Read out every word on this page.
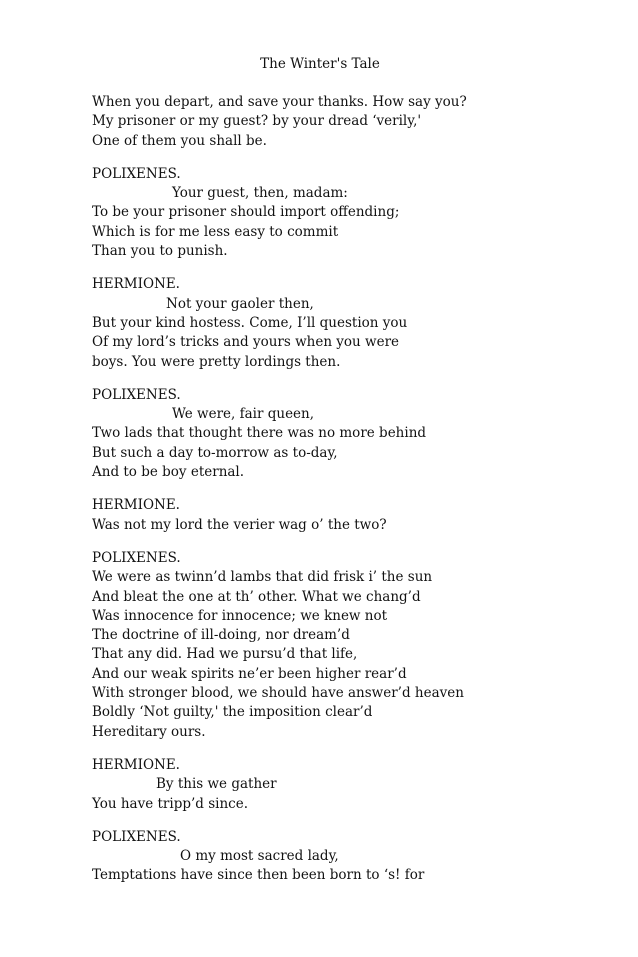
The Winter's Tale
When you depart, and save your thanks. How say you?
My prisoner or my guest? by your dread ‘verily,'
One of them you shall be.
POLIXENES.
Your guest, then, madam:
To be your prisoner should import offending;
Which is for me less easy to commit
Than you to punish.
HERMIONE.
Not your gaoler then,
But your kind hostess. Come, I’ll question you
Of my lord’s tricks and yours when you were
boys. You were pretty lordings then.
POLIXENES.
We were, fair queen,
Two lads that thought there was no more behind
But such a day to-morrow as to-day,
And to be boy eternal.
HERMIONE.
Was not my lord the verier wag o’ the two?
POLIXENES.
We were as twinn’d lambs that did frisk i’ the sun
And bleat the one at th’ other. What we chang’d
Was innocence for innocence; we knew not
The doctrine of ill-doing, nor dream’d
That any did. Had we pursu’d that life,
And our weak spirits ne’er been higher rear’d
With stronger blood, we should have answer’d heaven
Boldly ‘Not guilty,' the imposition clear’d
Hereditary ours.
HERMIONE.
By this we gather
You have tripp’d since.
POLIXENES.
O my most sacred lady,
Temptations have since then been born to ‘s! for
